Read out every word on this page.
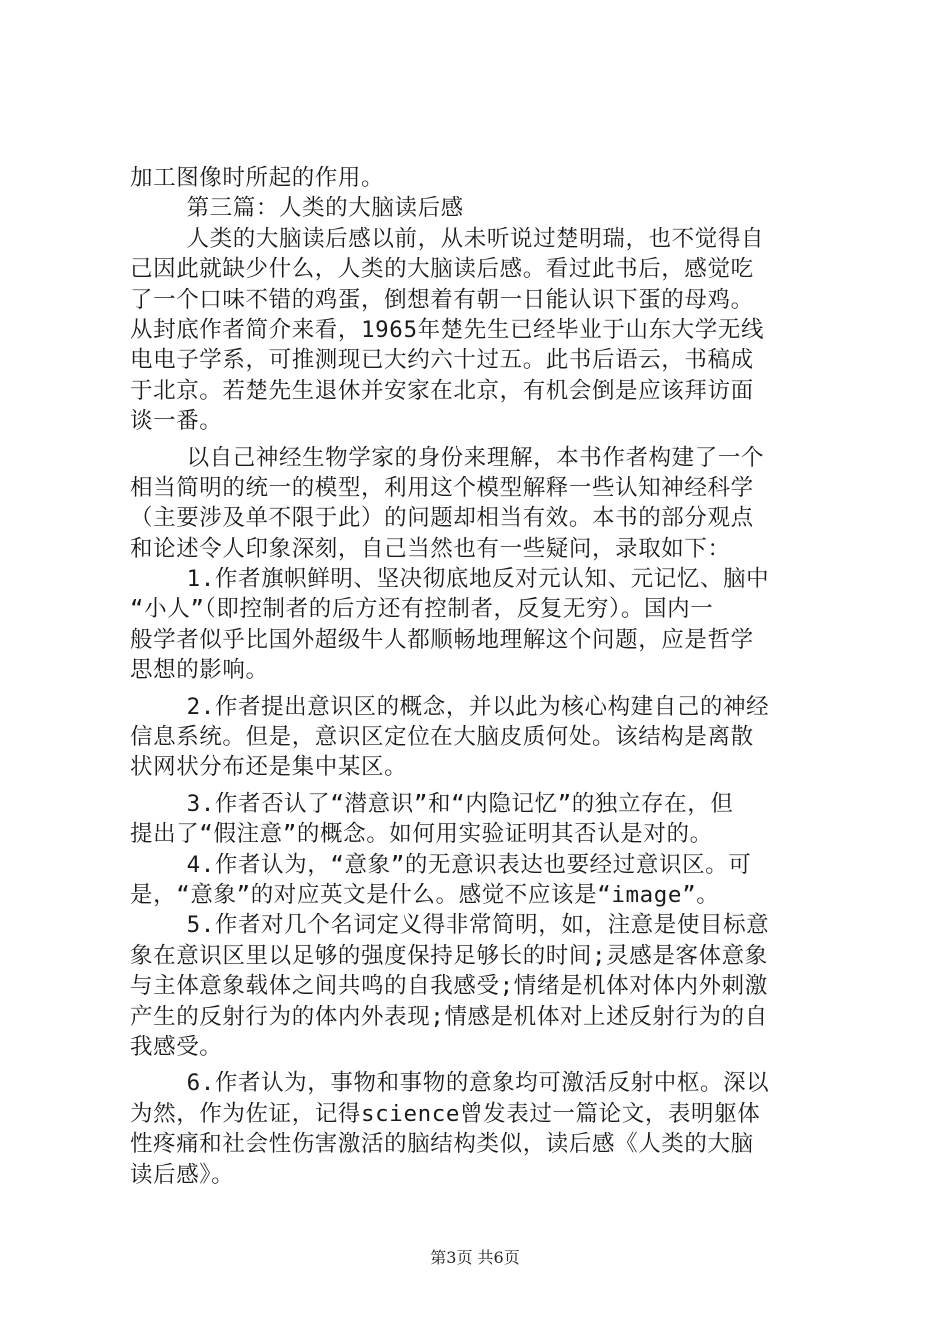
加工图像时所起的作用。
第三篇：人类的大脑读后感
人类的大脑读后感以前，从未听说过楚明瑞，也不觉得自
己因此就缺少什么，人类的大脑读后感。看过此书后，感觉吃
了一个口味不错的鸡蛋，倒想着有朝一日能认识下蛋的母鸡。
从封底作者简介来看，1965年楚先生已经毕业于山东大学无线
电电子学系，可推测现已大约六十过五。此书后语云，书稿成
于北京。若楚先生退休并安家在北京，有机会倒是应该拜访面
谈一番。
以自己神经生物学家的身份来理解，本书作者构建了一个
相当简明的统一的模型，利用这个模型解释一些认知神经科学
（主要涉及单不限于此）的问题却相当有效。本书的部分观点
和论述令人印象深刻，自己当然也有一些疑问，录取如下：
1.作者旗帜鲜明、坚决彻底地反对元认知、元记忆、脑中
“小人”（即控制者的后方还有控制者，反复无穷）。国内一
般学者似乎比国外超级牛人都顺畅地理解这个问题，应是哲学
思想的影响。
2.作者提出意识区的概念，并以此为核心构建自己的神经
信息系统。但是，意识区定位在大脑皮质何处。该结构是离散
状网状分布还是集中某区。
3.作者否认了“潜意识”和“内隐记忆”的独立存在，但
提出了“假注意”的概念。如何用实验证明其否认是对的。
4.作者认为，“意象”的无意识表达也要经过意识区。可
是，“意象”的对应英文是什么。感觉不应该是“image”。
5.作者对几个名词定义得非常简明，如，注意是使目标意
象在意识区里以足够的强度保持足够长的时间;灵感是客体意象
与主体意象载体之间共鸣的自我感受;情绪是机体对体内外刺激
产生的反射行为的体内外表现;情感是机体对上述反射行为的自
我感受。
6.作者认为，事物和事物的意象均可激活反射中枢。深以
为然，作为佐证，记得science曾发表过一篇论文，表明躯体
性疼痛和社会性伤害激活的脑结构类似，读后感《人类的大脑
读后感》。
第3页 共6页
